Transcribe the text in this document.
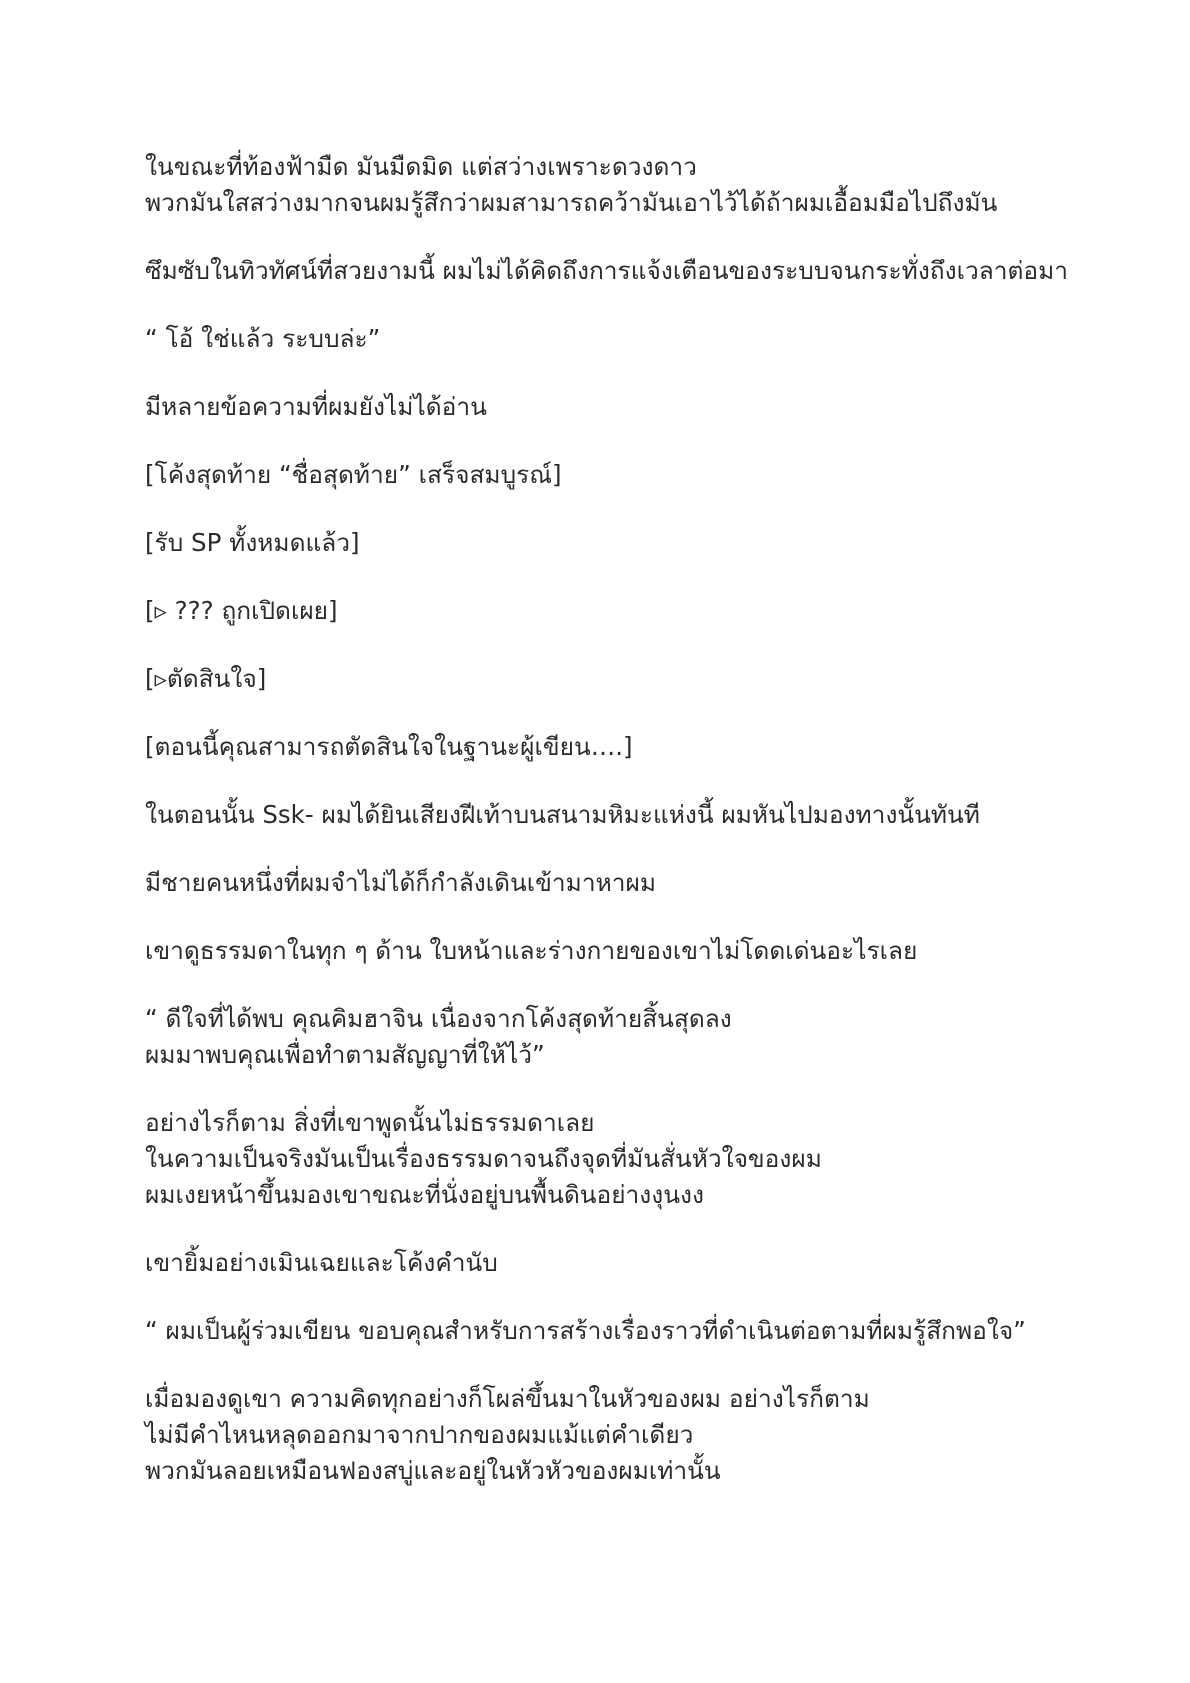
ในขณะที่ท้องฟ้ามืด มันมืดมิด แต่สว่างเพราะดวงดาว
พวกมันใสสว่างมากจนผมรู้สึกว่าผมสามารถคว้ามันเอาไว้ได้ถ้าผมเอื้อมมือไปถึงมัน

ซึมซับในทิวทัศน์ที่สวยงามนี้ ผมไม่ได้คิดถึงการแจ้งเตือนของระบบจนกระทั่งถึงเวลาต่อมา

“ โอ้ ใช่แล้ว ระบบล่ะ”

มีหลายข้อความที่ผมยังไม่ได้อ่าน

[โค้งสุดท้าย “ชื่อสุดท้าย” เสร็จสมบูรณ์]

[รับ SP ทั้งหมดแล้ว]

[▹ ??? ถูกเปิดเผย]

[▹ตัดสินใจ]

[ตอนนี้คุณสามารถตัดสินใจในฐานะผู้เขียน….]

ในตอนนั้น Ssk- ผมได้ยินเสียงฝีเท้าบนสนามหิมะแห่งนี้ ผมหันไปมองทางนั้นทันที

มีชายคนหนึ่งที่ผมจำไม่ได้ก็กำลังเดินเข้ามาหาผม

เขาดูธรรมดาในทุก ๆ ด้าน ใบหน้าและร่างกายของเขาไม่โดดเด่นอะไรเลย

“ ดีใจที่ได้พบ คุณคิมฮาจิน เนื่องจากโค้งสุดท้ายสิ้นสุดลง
ผมมาพบคุณเพื่อทำตามสัญญาที่ให้ไว้”

อย่างไรก็ตาม สิ่งที่เขาพูดนั้นไม่ธรรมดาเลย
ในความเป็นจริงมันเป็นเรื่องธรรมดาจนถึงจุดที่มันสั่นหัวใจของผม
ผมเงยหน้าขึ้นมองเขาขณะที่นั่งอยู่บนพื้นดินอย่างงุนงง

เขายิ้มอย่างเมินเฉยและโค้งคำนับ

“ ผมเป็นผู้ร่วมเขียน ขอบคุณสำหรับการสร้างเรื่องราวที่ดำเนินต่อตามที่ผมรู้สึกพอใจ”

เมื่อมองดูเขา ความคิดทุกอย่างก็โผล่ขึ้นมาในหัวของผม อย่างไรก็ตาม
ไม่มีคำไหนหลุดออกมาจากปากของผมแม้แต่คำเดียว
พวกมันลอยเหมือนฟองสบู่และอยู่ในหัวหัวของผมเท่านั้น
